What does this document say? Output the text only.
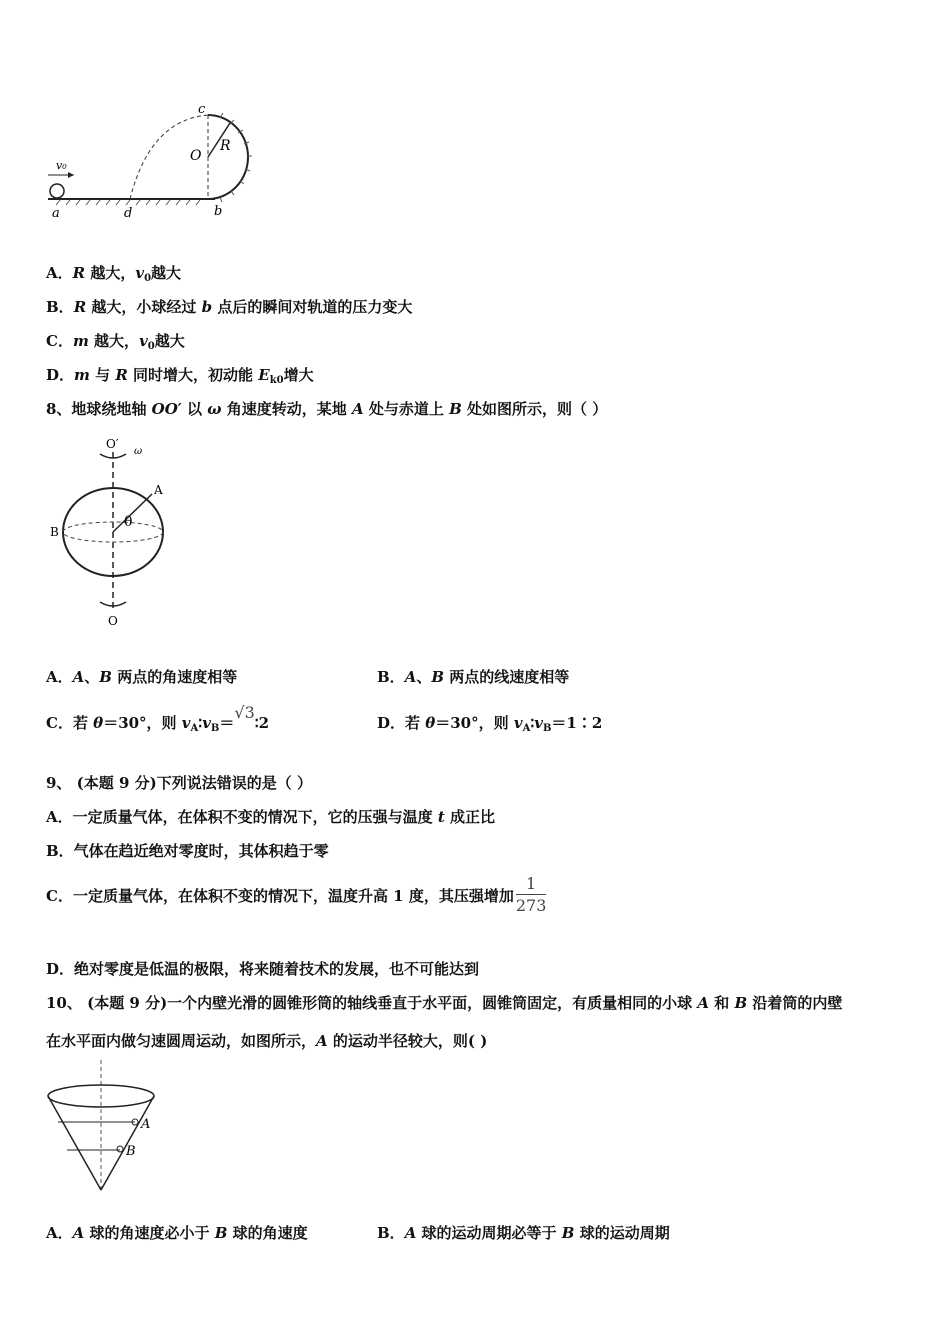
v₀
c
O
R
a	d	b
A．R 越大，$v_0$越大
B．R 越大，小球经过 b 点后的瞬间对轨道的压力变大
C．m 越大，$v_0$越大
D．m 与 R 同时增大，初动能 $E_{k0}$增大
8、地球绕地轴 OO′ 以 ω 角速度转动，某地 A 处与赤道上 B 处如图所示，则（ ）
O′
ω
A
B
θ
O
A．A、B 两点的角速度相等	B．A、B 两点的线速度相等
C．若 θ＝30°，则 $v_A∶v_B=√3∶2$	D．若 θ＝30°，则 $v_A∶v_B=1∶2$
9、 (本题 9 分)下列说法错误的是（ ）
A．一定质量气体，在体积不变的情况下，它的压强与温度 t 成正比
B．气体在趋近绝对零度时，其体积趋于零
C．一定质量气体，在体积不变的情况下，温度升高 1 度，其压强增加 $\frac{1}{273}$
D．绝对零度是低温的极限，将来随着技术的发展，也不可能达到
10、 (本题 9 分)一个内壁光滑的圆锥形筒的轴线垂直于水平面，圆锥筒固定，有质量相同的小球 A 和 B 沿着筒的内壁
在水平面内做匀速圆周运动，如图所示，A 的运动半径较大，则( )
A
B
A．A 球的角速度必小于 B 球的角速度	B．A 球的运动周期必等于 B 球的运动周期
